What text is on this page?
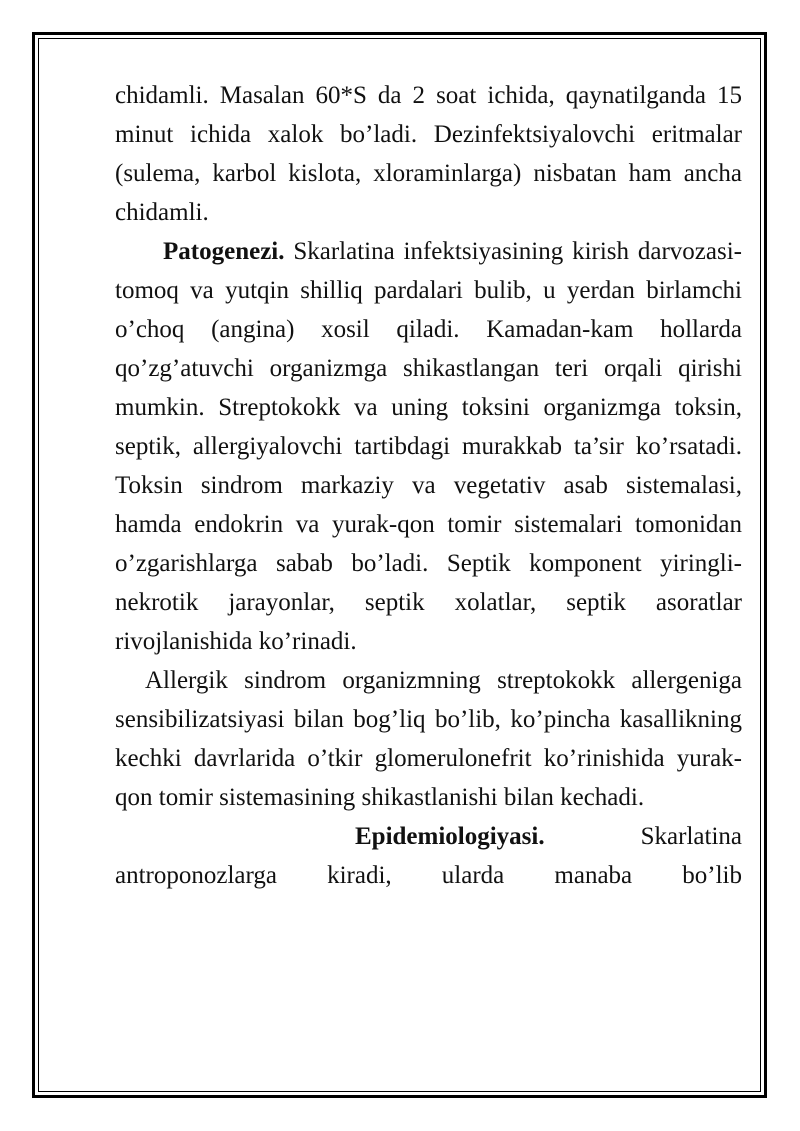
chidamli. Masalan 60*S da 2 soat ichida, qaynatilganda 15 minut ichida xalok bo’ladi. Dezinfektsiyalovchi eritmalar (sulema, karbol kislota, xloraminlarga) nisbatan ham ancha chidamli.

Patogenezi. Skarlatina infektsiyasining kirish darvozasi- tomoq va yutqin shilliq pardalari bulib, u yerdan birlamchi o’choq (angina) xosil qiladi. Kamadan-kam hollarda qo’zg’atuvchi organizmga shikastlangan teri orqali qirishi mumkin. Streptokokk va uning toksini organizmga toksin, septik, allergiyalovchi tartibdagi murakkab ta’sir ko’rsatadi. Toksin sindrom markaziy va vegetativ asab sistemalasi, hamda endokrin va yurak-qon tomir sistemalari tomonidan o’zgarishlarga sabab bo’ladi. Septik komponent yiringli-nekrotik jarayonlar, septik xolatlar, septik asoratlar rivojlanishida ko’rinadi.

Allergik sindrom organizmning streptokokk allergeniga sensibilizatsiyasi bilan bog’liq bo’lib, ko’pincha kasallikning kechki davrlarida o’tkir glomerulonefrit ko’rinishida yurak-qon tomir sistemasining shikastlanishi bilan kechadi.

Epidemiologiyasi. Skarlatina antroponozlarga kiradi, ularda manaba bo’lib
